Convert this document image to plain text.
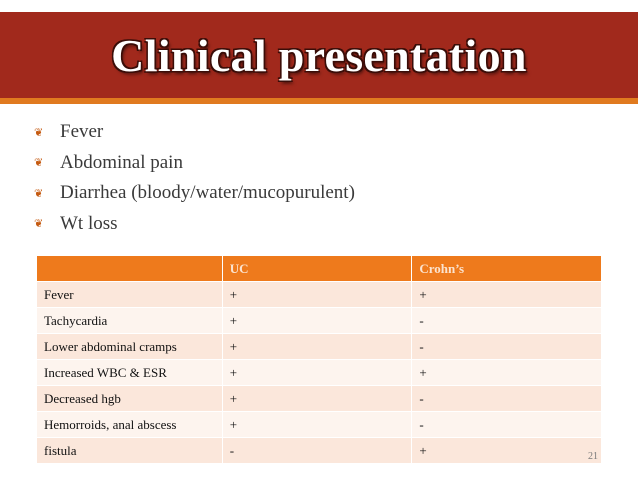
Clinical presentation
❦ Fever
❦ Abdominal pain
❦ Diarrhea (bloody/water/mucopurulent)
❦ Wt loss
	UC	Crohn’s
Fever	+	+
Tachycardia	+	-
Lower abdominal cramps	+	-
Increased WBC & ESR	+	+
Decreased hgb	+	-
Hemorroids, anal abscess	+	-
fistula	-	+	21
